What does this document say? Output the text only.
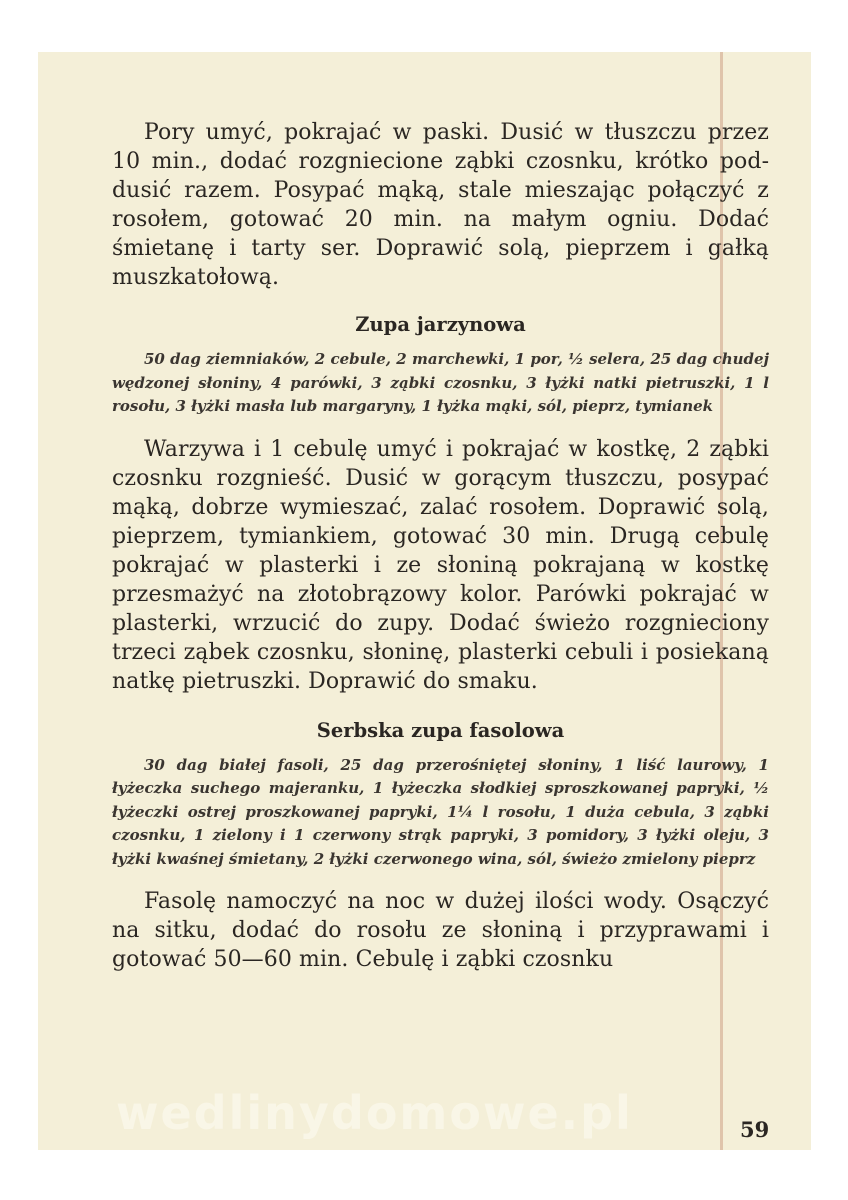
Pory umyć, pokrajać w paski. Dusić w tłuszczu przez 10 min., dodać rozgniecione ząbki czosnku, krótko poddusić razem. Posypać mąką, stale mieszając połączyć z rosołem, gotować 20 min. na małym ogniu. Dodać śmietanę i tarty ser. Doprawić solą, pieprzem i gałką muszkatołową.

Zupa jarzynowa

50 dag ziemniaków, 2 cebule, 2 marchewki, 1 por, ½ selera, 25 dag chudej wędzonej słoniny, 4 parówki, 3 ząbki czosnku, 3 łyżki natki pietruszki, 1 l rosołu, 3 łyżki masła lub margaryny, 1 łyżka mąki, sól, pieprz, tymianek

Warzywa i 1 cebulę umyć i pokrajać w kostkę, 2 ząbki czosnku rozgnieść. Dusić w gorącym tłuszczu, posypać mąką, dobrze wymieszać, zalać rosołem. Doprawić solą, pieprzem, tymiankiem, gotować 30 min. Drugą cebulę pokrajać w plasterki i ze słoniną pokrajaną w kostkę przesmażyć na złotobrązowy kolor. Parówki pokrajać w plasterki, wrzucić do zupy. Dodać świeżo rozgnieciony trzeci ząbek czosnku, słoninę, plasterki cebuli i posiekaną natkę pietruszki. Doprawić do smaku.

Serbska zupa fasolowa

30 dag białej fasoli, 25 dag przerośniętej słoniny, 1 liść laurowy, 1 łyżeczka suchego majeranku, 1 łyżeczka słodkiej sproszkowanej papryki, ½ łyżeczki ostrej proszkowanej papryki, 1¼ l rosołu, 1 duża cebula, 3 ząbki czosnku, 1 zielony i 1 czerwony strąk papryki, 3 pomidory, 3 łyżki oleju, 3 łyżki kwaśnej śmietany, 2 łyżki czerwonego wina, sól, świeżo zmielony pieprz

Fasolę namoczyć na noc w dużej ilości wody. Osączyć na sitku, dodać do rosołu ze słoniną i przyprawami i gotować 50—60 min. Cebulę i ząbki czosnku

wedlinydomowe.pl	59
